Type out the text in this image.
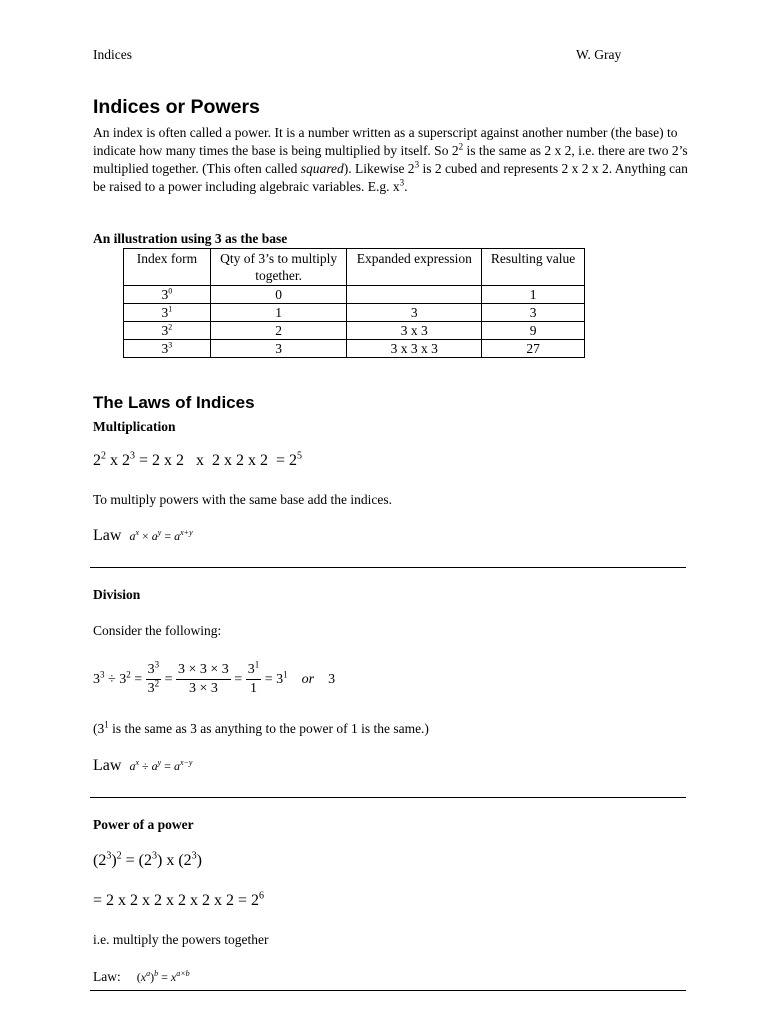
Indices	W. Gray
Indices or Powers
An index is often called a power. It is a number written as a superscript against another number (the base) to indicate how many times the base is being multiplied by itself. So $2^2$ is the same as 2 x 2, i.e. there are two 2’s multiplied together. (This often called squared). Likewise $2^3$ is 2 cubed and represents 2 x 2 x 2. Anything can be raised to a power including algebraic variables. E.g. $x^3$.
An illustration using 3 as the base
Index form	Qty of 3’s to multiply together.	Expanded expression	Resulting value
$3^0$	0		1
$3^1$	1	3	3
$3^2$	2	3 x 3	9
$3^3$	3	3 x 3 x 3	27
The Laws of Indices
Multiplication
$2^2$ x $2^3 = 2$ x 2   x  2 x 2 x $2 = 2^5$
To multiply powers with the same base add the indices.
Law $a^x \times a^y = a^{x+y}$
Division
Consider the following:
$3^3 \div 3^2 = \frac{3^3}{3^2} = \frac{3 \times 3 \times 3}{3 \times 3} = \frac{3^1}{1} = 3^1$ or 3
($3^1$ is the same as 3 as anything to the power of 1 is the same.)
Law $a^x \div a^y = a^{x-y}$
Power of a power
$(2^3)^2 = (2^3)$ x $(2^3)$
= 2 x 2 x 2 x 2 x 2 x $2 = 2^6$
i.e. multiply the powers together
Law: $(x^a)^b = x^{a\times b}$
